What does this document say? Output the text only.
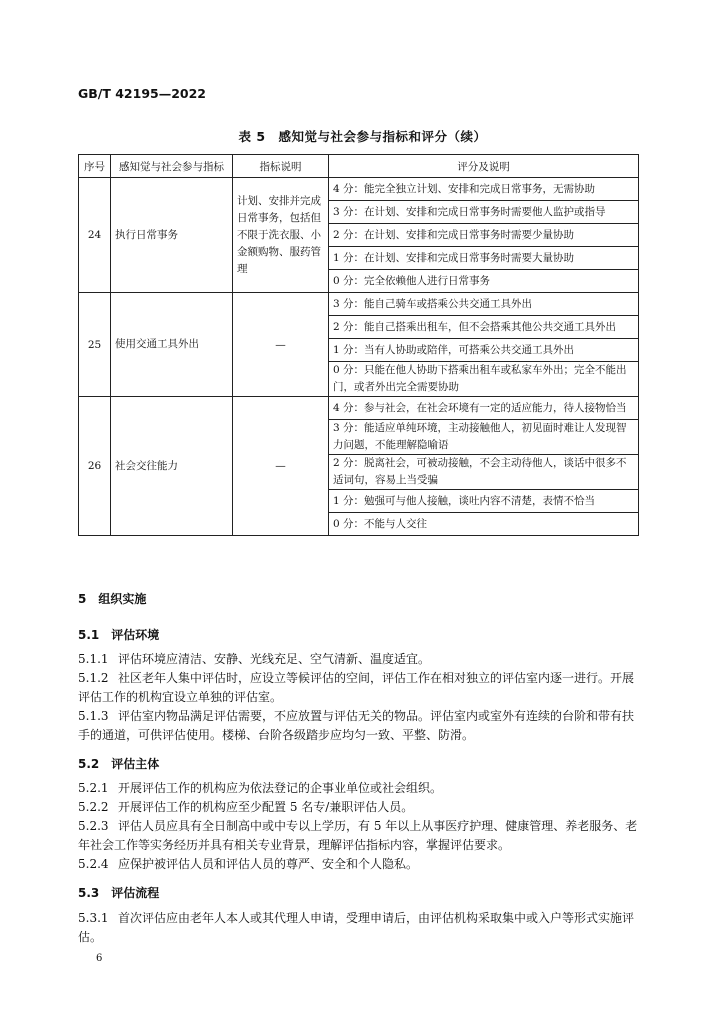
GB/T 42195—2022
表 5　感知觉与社会参与指标和评分（续）
序号	感知觉与社会参与指标	指标说明	评分及说明
24	执行日常事务	计划、安排并完成日常事务，包括但不限于洗衣服、小金额购物、服药管理	4 分：能完全独立计划、安排和完成日常事务，无需协助
			3 分：在计划、安排和完成日常事务时需要他人监护或指导
			2 分：在计划、安排和完成日常事务时需要少量协助
			1 分：在计划、安排和完成日常事务时需要大量协助
			0 分：完全依赖他人进行日常事务
25	使用交通工具外出	—	3 分：能自己骑车或搭乘公共交通工具外出
			2 分：能自己搭乘出租车，但不会搭乘其他公共交通工具外出
			1 分：当有人协助或陪伴，可搭乘公共交通工具外出
			0 分：只能在他人协助下搭乘出租车或私家车外出；完全不能出门，或者外出完全需要协助
26	社会交往能力	—	4 分：参与社会，在社会环境有一定的适应能力，待人接物恰当
			3 分：能适应单纯环境，主动接触他人，初见面时难让人发现智力问题，不能理解隐喻语
			2 分：脱离社会，可被动接触，不会主动待他人，谈话中很多不适词句，容易上当受骗
			1 分：勉强可与他人接触，谈吐内容不清楚，表情不恰当
			0 分：不能与人交往
5　组织实施
5.1　评估环境
5.1.1 评估环境应清洁、安静、光线充足、空气清新、温度适宜。
5.1.2 社区老年人集中评估时，应设立等候评估的空间，评估工作在相对独立的评估室内逐一进行。开展评估工作的机构宜设立单独的评估室。
5.1.3 评估室内物品满足评估需要，不应放置与评估无关的物品。评估室内或室外有连续的台阶和带有扶手的通道，可供评估使用。楼梯、台阶各级踏步应均匀一致、平整、防滑。
5.2　评估主体
5.2.1 开展评估工作的机构应为依法登记的企事业单位或社会组织。
5.2.2 开展评估工作的机构应至少配置 5 名专/兼职评估人员。
5.2.3 评估人员应具有全日制高中或中专以上学历，有 5 年以上从事医疗护理、健康管理、养老服务、老年社会工作等实务经历并具有相关专业背景，理解评估指标内容，掌握评估要求。
5.2.4 应保护被评估人员和评估人员的尊严、安全和个人隐私。
5.3　评估流程
5.3.1 首次评估应由老年人本人或其代理人申请，受理申请后，由评估机构采取集中或入户等形式实施评估。
6
